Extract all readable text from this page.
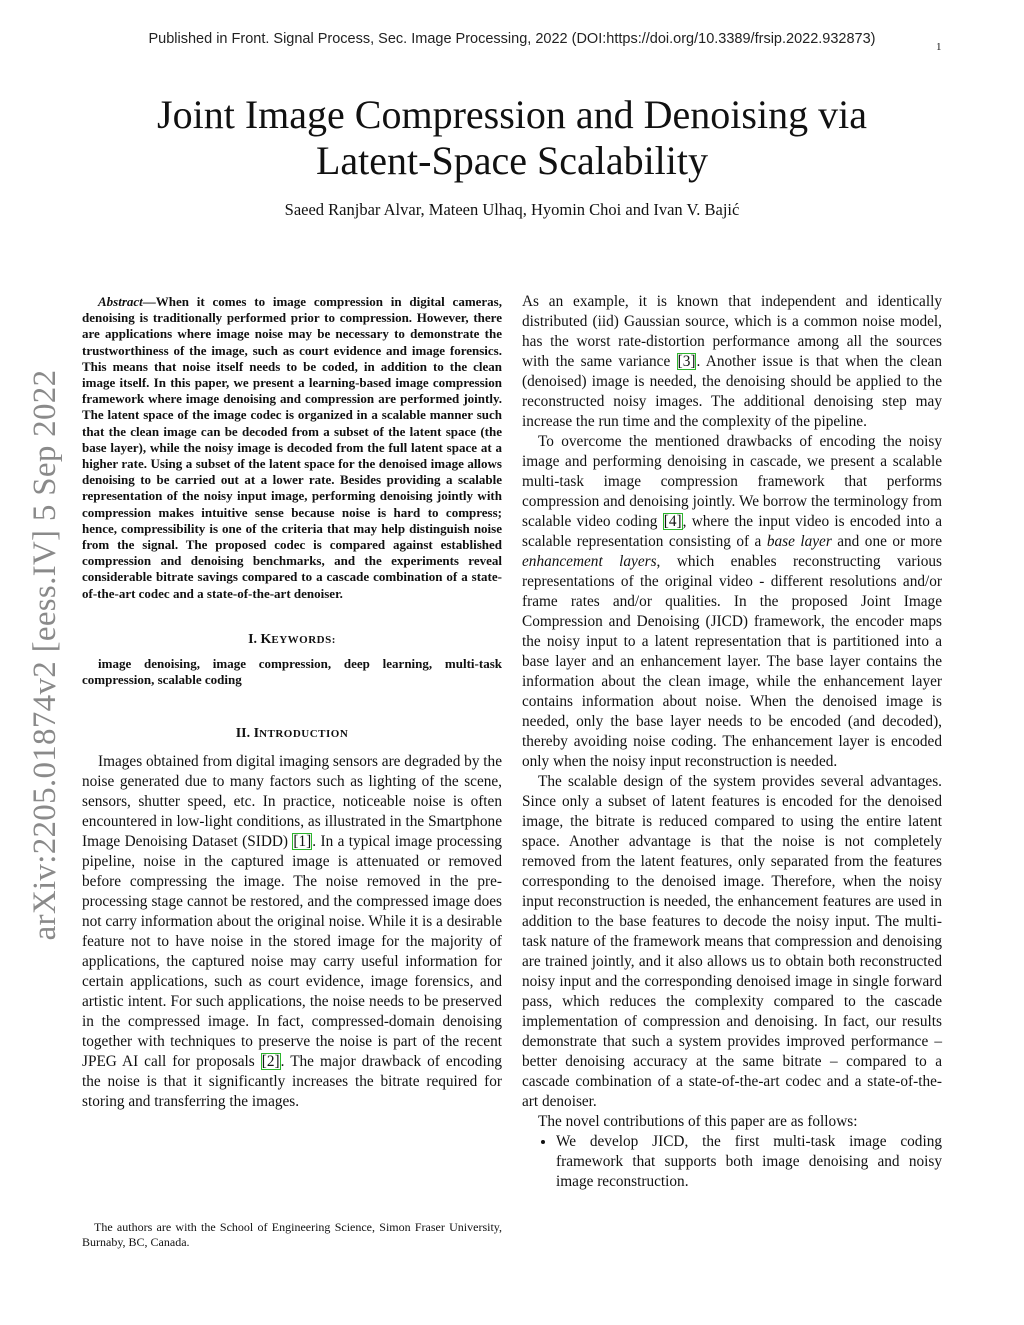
Published in Front. Signal Process, Sec. Image Processing, 2022 (DOI:https://doi.org/10.3389/frsip.2022.932873)	1
arXiv:2205.01874v2 [eess.IV] 5 Sep 2022
Joint Image Compression and Denoising via
Latent-Space Scalability
Saeed Ranjbar Alvar, Mateen Ulhaq, Hyomin Choi and Ivan V. Bajić

Abstract—When it comes to image compression in digital cameras, denoising is traditionally performed prior to compression. However, there are applications where image noise may be necessary to demonstrate the trustworthiness of the image, such as court evidence and image forensics. This means that noise itself needs to be coded, in addition to the clean image itself. In this paper, we present a learning-based image compression framework where image denoising and compression are performed jointly. The latent space of the image codec is organized in a scalable manner such that the clean image can be decoded from a subset of the latent space (the base layer), while the noisy image is decoded from the full latent space at a higher rate. Using a subset of the latent space for the denoised image allows denoising to be carried out at a lower rate. Besides providing a scalable representation of the noisy input image, performing denoising jointly with compression makes intuitive sense because noise is hard to compress; hence, compressibility is one of the criteria that may help distinguish noise from the signal. The proposed codec is compared against established compression and denoising benchmarks, and the experiments reveal considerable bitrate savings compared to a cascade combination of a state-of-the-art codec and a state-of-the-art denoiser.

I. KEYWORDS:

image denoising, image compression, deep learning, multi-task compression, scalable coding

II. INTRODUCTION

Images obtained from digital imaging sensors are degraded by the noise generated due to many factors such as lighting of the scene, sensors, shutter speed, etc. In practice, noticeable noise is often encountered in low-light conditions, as illustrated in the Smartphone Image Denoising Dataset (SIDD) [1]. In a typical image processing pipeline, noise in the captured image is attenuated or removed before compressing the image. The noise removed in the pre-processing stage cannot be restored, and the compressed image does not carry information about the original noise. While it is a desirable feature not to have noise in the stored image for the majority of applications, the captured noise may carry useful information for certain applications, such as court evidence, image forensics, and artistic intent. For such applications, the noise needs to be preserved in the compressed image. In fact, compressed-domain denoising together with techniques to preserve the noise is part of the recent JPEG AI call for proposals [2]. The major drawback of encoding the noise is that it significantly increases the bitrate required for storing and transferring the images.

The authors are with the School of Engineering Science, Simon Fraser University, Burnaby, BC, Canada.

As an example, it is known that independent and identically distributed (iid) Gaussian source, which is a common noise model, has the worst rate-distortion performance among all the sources with the same variance [3]. Another issue is that when the clean (denoised) image is needed, the denoising should be applied to the reconstructed noisy images. The additional denoising step may increase the run time and the complexity of the pipeline.

To overcome the mentioned drawbacks of encoding the noisy image and performing denoising in cascade, we present a scalable multi-task image compression framework that performs compression and denoising jointly. We borrow the terminology from scalable video coding [4], where the input video is encoded into a scalable representation consisting of a base layer and one or more enhancement layers, which enables reconstructing various representations of the original video - different resolutions and/or frame rates and/or qualities. In the proposed Joint Image Compression and Denoising (JICD) framework, the encoder maps the noisy input to a latent representation that is partitioned into a base layer and an enhancement layer. The base layer contains the information about the clean image, while the enhancement layer contains information about noise. When the denoised image is needed, only the base layer needs to be encoded (and decoded), thereby avoiding noise coding. The enhancement layer is encoded only when the noisy input reconstruction is needed.

The scalable design of the system provides several advantages. Since only a subset of latent features is encoded for the denoised image, the bitrate is reduced compared to using the entire latent space. Another advantage is that the noise is not completely removed from the latent features, only separated from the features corresponding to the denoised image. Therefore, when the noisy input reconstruction is needed, the enhancement features are used in addition to the base features to decode the noisy input. The multi-task nature of the framework means that compression and denoising are trained jointly, and it also allows us to obtain both reconstructed noisy input and the corresponding denoised image in single forward pass, which reduces the complexity compared to the cascade implementation of compression and denoising. In fact, our results demonstrate that such a system provides improved performance – better denoising accuracy at the same bitrate – compared to a cascade combination of a state-of-the-art codec and a state-of-the-art denoiser.

The novel contributions of this paper are as follows:

• We develop JICD, the first multi-task image coding framework that supports both image denoising and noisy image reconstruction.
